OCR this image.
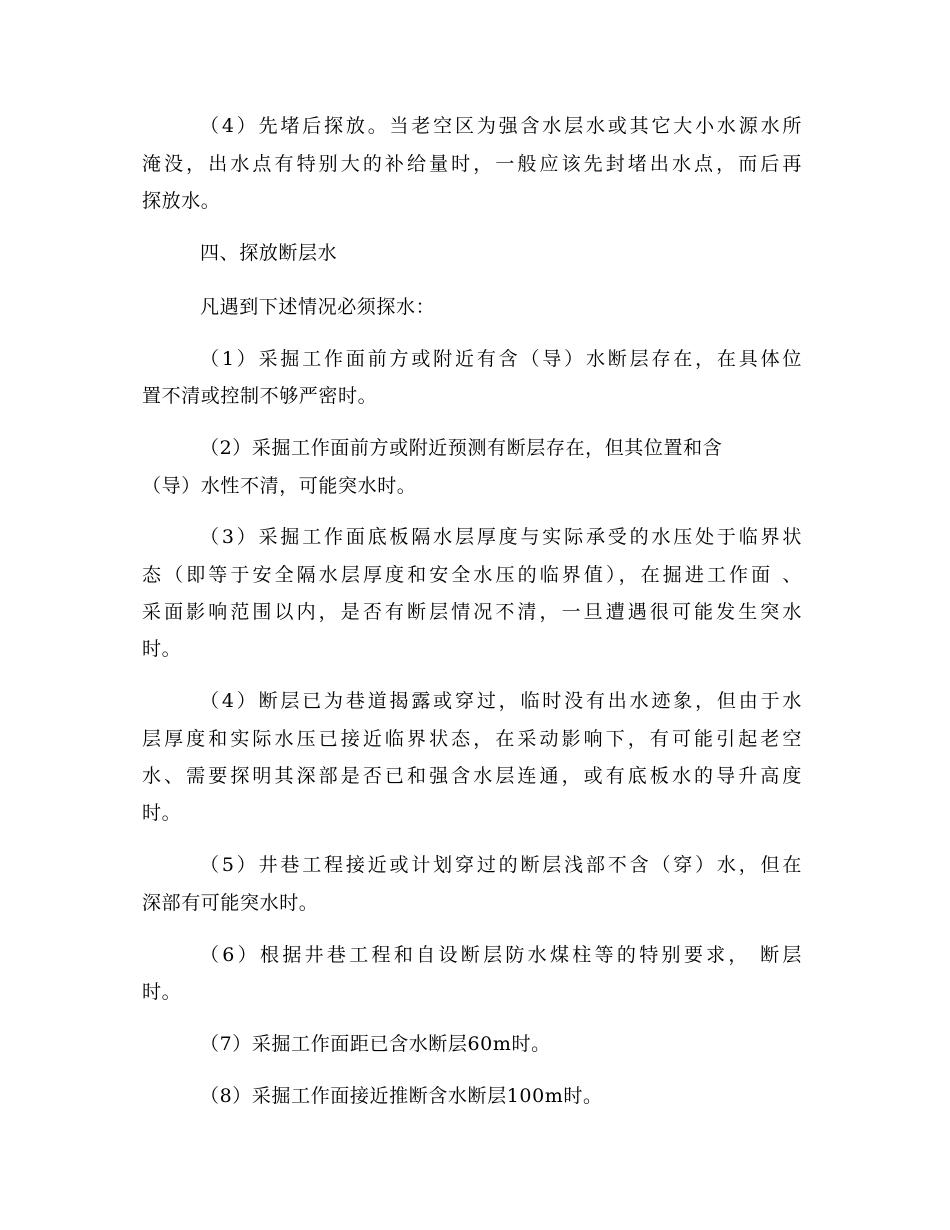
（4）先堵后探放。当老空区为强含水层水或其它大小水源水所
淹没，出水点有特别大的补给量时，一般应该先封堵出水点，而后再
探放水。
四、探放断层水
凡遇到下述情况必须探水：
（1）采掘工作面前方或附近有含（导）水断层存在，在具体位
置不清或控制不够严密时。
（2）采掘工作面前方或附近预测有断层存在，但其位置和含
（导）水性不清，可能突水时。
（3）采掘工作面底板隔水层厚度与实际承受的水压处于临界状
态（即等于安全隔水层厚度和安全水压的临界值），在掘进工作面 、
采面影响范围以内，是否有断层情况不清，一旦遭遇很可能发生突水
时。
（4）断层已为巷道揭露或穿过，临时没有出水迹象，但由于水
层厚度和实际水压已接近临界状态，在采动影响下，有可能引起老空
水、需要探明其深部是否已和强含水层连通，或有底板水的导升高度
时。
（5）井巷工程接近或计划穿过的断层浅部不含（穿）水，但在
深部有可能突水时。
（6）根据井巷工程和自设断层防水煤柱等的特别要求， 断层
时。
（7）采掘工作面距已含水断层60m时。
（8）采掘工作面接近推断含水断层100m时。
